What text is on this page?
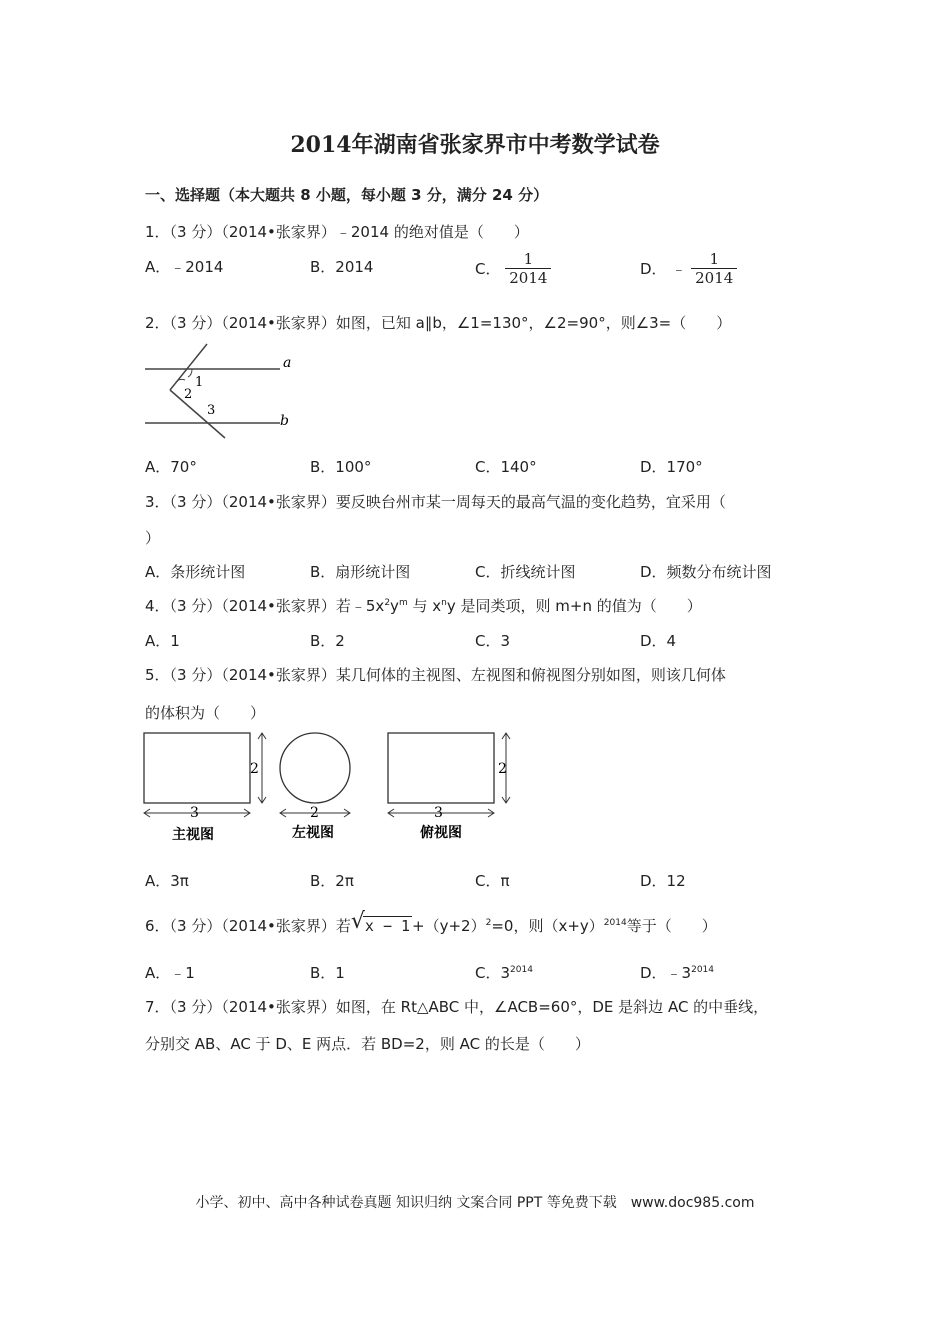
2014年湖南省张家界市中考数学试卷
一、选择题（本大题共 8 小题，每小题 3 分，满分 24 分）
1．（3 分）（2014•张家界）﹣2014 的绝对值是（　　）
A．﹣2014	B．2014	C． $\frac{1}{2014}$	D． ﹣ $\frac{1}{2014}$
2．（3 分）（2014•张家界）如图，已知 a∥b，∠1=130°，∠2=90°，则∠3=（　　）
a
b
1
2
3
A．70°	B．100°	C．140°	D．170°
3．（3 分）（2014•张家界）要反映台州市某一周每天的最高气温的变化趋势，宜采用（
）
A．条形统计图	B．扇形统计图	C．折线统计图	D．频数分布统计图
4．（3 分）（2014•张家界）若$﹣5x^2y^m$ 与 $x^ny$ 是同类项，则 m+n 的值为（　　）
A．1	B．2	C．3	D．4
5．（3 分）（2014•张家界）某几何体的主视图、左视图和俯视图分别如图，则该几何体
的体积为（　　）
2
3
主视图
2
左视图
2
3
俯视图
A．3π	B．2π	C．π	D．12
6．（3 分）（2014•张家界）若 √ $x - 1 +(y+2)^2=0$，则$(x+y)^{2014}$等于（　　）
A．﹣1	B．1	C．$3^{2014}$	D．$﹣3^{2014}$
7．（3 分）（2014•张家界）如图，在 Rt△ABC 中，∠ACB=60°，DE 是斜边 AC 的中垂线，
分别交 AB、AC 于 D、E 两点．若 BD=2，则 AC 的长是（　　）
小学、初中、高中各种试卷真题 知识归纳 文案合同 PPT 等免费下载　www.doc985.com
